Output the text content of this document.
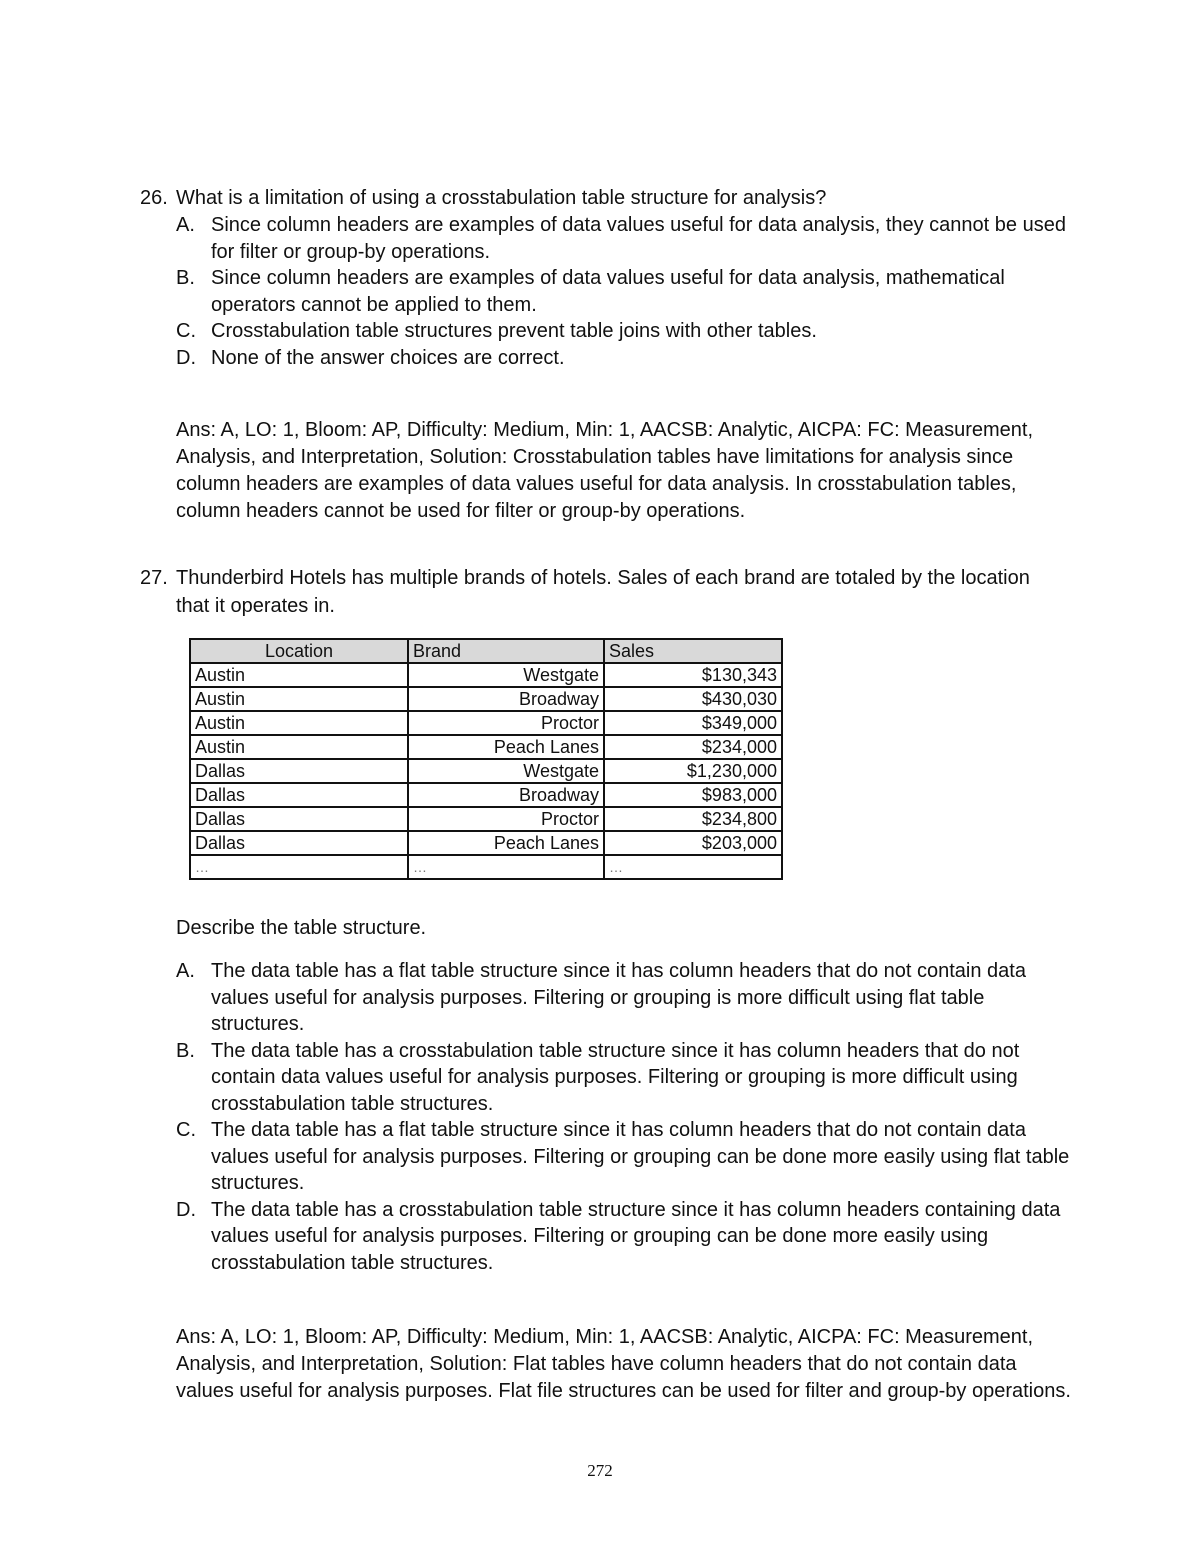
26. What is a limitation of using a crosstabulation table structure for analysis?
A. Since column headers are examples of data values useful for data analysis, they cannot be used for filter or group-by operations.
B. Since column headers are examples of data values useful for data analysis, mathematical operators cannot be applied to them.
C. Crosstabulation table structures prevent table joins with other tables.
D. None of the answer choices are correct.
Ans: A, LO: 1, Bloom: AP, Difficulty: Medium, Min: 1, AACSB: Analytic, AICPA: FC: Measurement, Analysis, and Interpretation, Solution: Crosstabulation tables have limitations for analysis since column headers are examples of data values useful for data analysis. In crosstabulation tables, column headers cannot be used for filter or group-by operations.
27. Thunderbird Hotels has multiple brands of hotels. Sales of each brand are totaled by the location that it operates in.
Location	Brand	Sales
Austin	Westgate	$130,343
Austin	Broadway	$430,030
Austin	Proctor	$349,000
Austin	Peach Lanes	$234,000
Dallas	Westgate	$1,230,000
Dallas	Broadway	$983,000
Dallas	Proctor	$234,800
Dallas	Peach Lanes	$203,000
…	…	…
Describe the table structure.
A. The data table has a flat table structure since it has column headers that do not contain data values useful for analysis purposes. Filtering or grouping is more difficult using flat table structures.
B. The data table has a crosstabulation table structure since it has column headers that do not contain data values useful for analysis purposes. Filtering or grouping is more difficult using crosstabulation table structures.
C. The data table has a flat table structure since it has column headers that do not contain data values useful for analysis purposes. Filtering or grouping can be done more easily using flat table structures.
D. The data table has a crosstabulation table structure since it has column headers containing data values useful for analysis purposes. Filtering or grouping can be done more easily using crosstabulation table structures.
Ans: A, LO: 1, Bloom: AP, Difficulty: Medium, Min: 1, AACSB: Analytic, AICPA: FC: Measurement, Analysis, and Interpretation, Solution: Flat tables have column headers that do not contain data values useful for analysis purposes. Flat file structures can be used for filter and group-by operations.
272
